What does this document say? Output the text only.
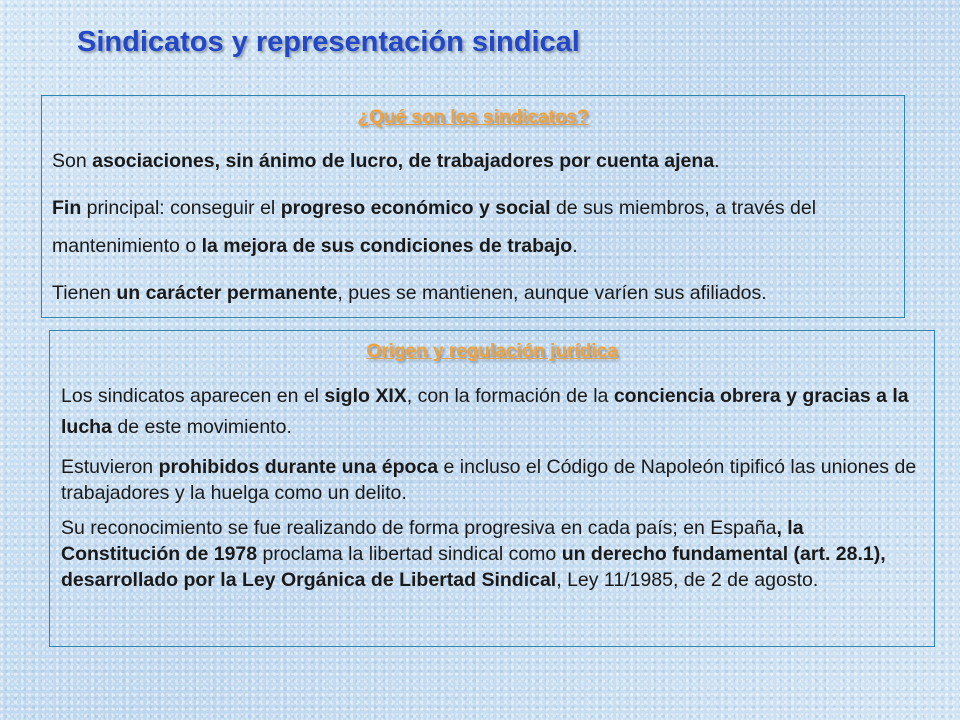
Sindicatos y representación sindical
Origen y regulación jurídica

Los sindicatos aparecen en el siglo XIX, con la formación de la conciencia obrera y gracias a la lucha de este movimiento.

Estuvieron prohibidos durante una época e incluso el Código de Napoleón tipificó las uniones de trabajadores y la huelga como un delito.

Su reconocimiento se fue realizando de forma progresiva en cada país; en España, la Constitución de 1978 proclama la libertad sindical como un derecho fundamental (art. 28.1), desarrollado por la Ley Orgánica de Libertad Sindical, Ley 11/1985, de 2 de agosto.

¿Qué son los sindicatos?

Son asociaciones, sin ánimo de lucro, de trabajadores por cuenta ajena.

Fin principal: conseguir el progreso económico y social de sus miembros, a través del mantenimiento o la mejora de sus condiciones de trabajo.

Tienen un carácter permanente, pues se mantienen, aunque varíen sus afiliados.
